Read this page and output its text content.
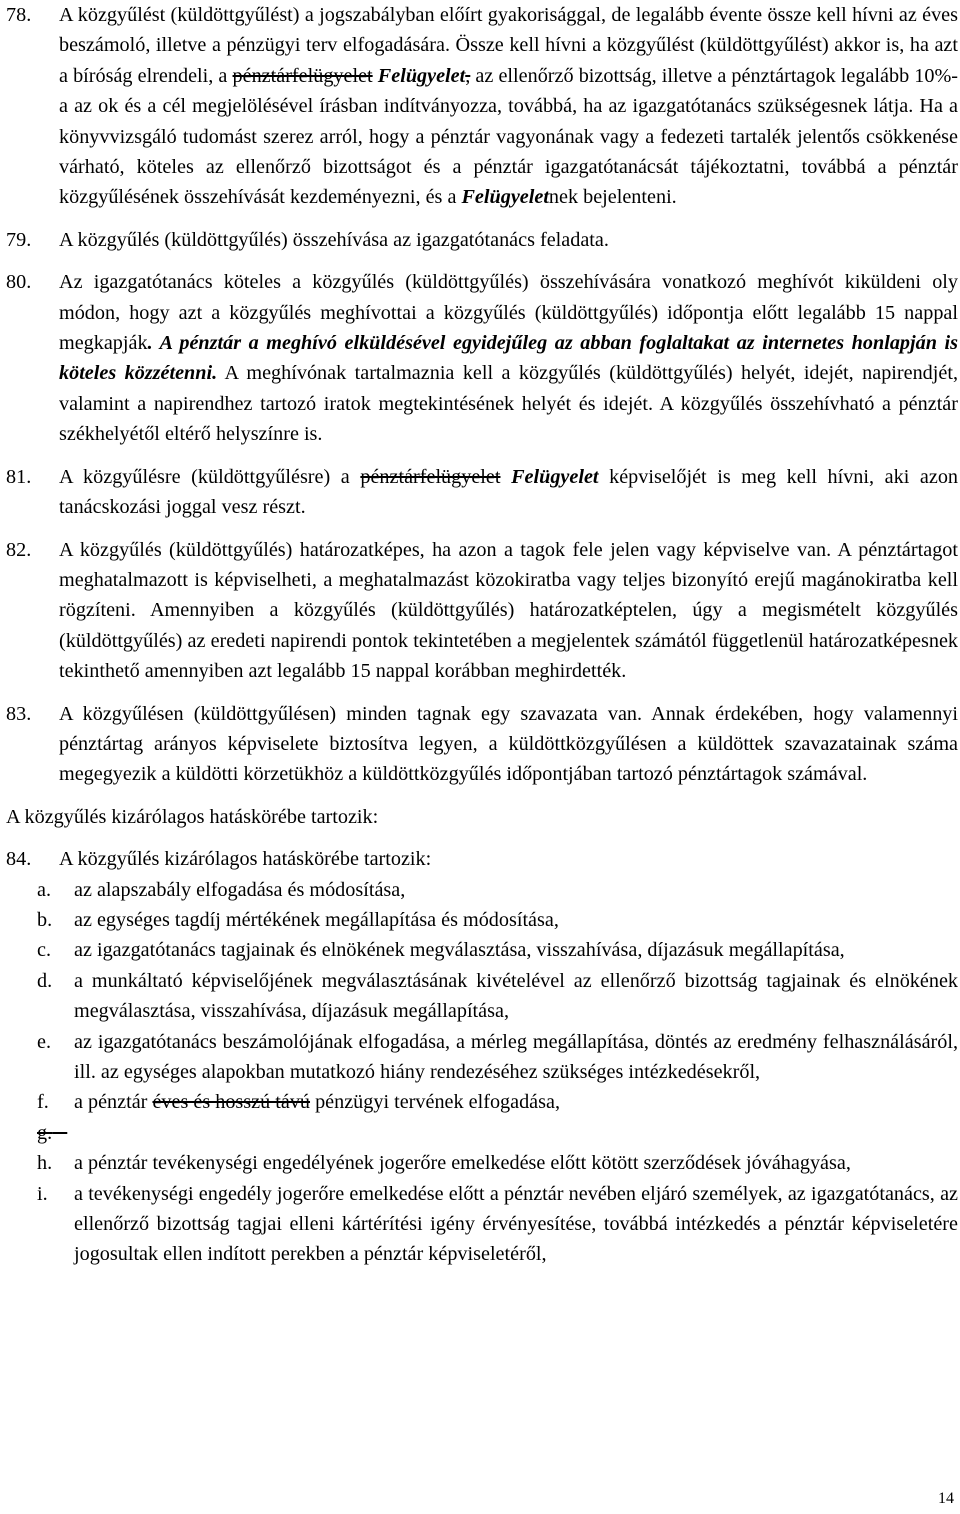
78. A közgyűlést (küldöttgyűlést) a jogszabályban előírt gyakorisággal, de legalább évente össze kell hívni az éves beszámoló, illetve a pénzügyi terv elfogadására. Össze kell hívni a közgyűlést (küldöttgyűlést) akkor is, ha azt a bíróság elrendeli, a pénztárfelügyelet Felügyelet, az ellenőrző bizottság, illetve a pénztártagok legalább 10%-a az ok és a cél megjelölésével írásban indítványozza, továbbá, ha az igazgatótanács szükségesnek látja. Ha a könyvvizsgáló tudomást szerez arról, hogy a pénztár vagyonának vagy a fedezeti tartalék jelentős csökkenése várható, köteles az ellenőrző bizottságot és a pénztár igazgatótanácsát tájékoztatni, továbbá a pénztár közgyűlésének összehívását kezdeményezni, és a Felügyeletnek bejelenteni.
79. A közgyűlés (küldöttgyűlés) összehívása az igazgatótanács feladata.
80. Az igazgatótanács köteles a közgyűlés (küldöttgyűlés) összehívására vonatkozó meghívót kiküldeni oly módon, hogy azt a közgyűlés meghívottai a közgyűlés (küldöttgyűlés) időpontja előtt legalább 15 nappal megkapják. A pénztár a meghívó elküldésével egyidejűleg az abban foglaltakat az internetes honlapján is köteles közzétenni. A meghívónak tartalmaznia kell a közgyűlés (küldöttgyűlés) helyét, idejét, napirendjét, valamint a napirendhez tartozó iratok megtekintésének helyét és idejét. A közgyűlés összehívható a pénztár székhelyétől eltérő helyszínre is.
81. A közgyűlésre (küldöttgyűlésre) a pénztárfelügyelet Felügyelet képviselőjét is meg kell hívni, aki azon tanácskozási joggal vesz részt.
82. A közgyűlés (küldöttgyűlés) határozatképes, ha azon a tagok fele jelen vagy képviselve van. A pénztártagot meghatalmazott is képviselheti, a meghatalmazást közokiratba vagy teljes bizonyító erejű magánokiratba kell rögzíteni. Amennyiben a közgyűlés (küldöttgyűlés) határozatképtelen, úgy a megismételt közgyűlés (küldöttgyűlés) az eredeti napirendi pontok tekintetében a megjelentek számától függetlenül határozatképesnek tekinthető amennyiben azt legalább 15 nappal korábban meghirdették.
83. A közgyűlésen (küldöttgyűlésen) minden tagnak egy szavazata van. Annak érdekében, hogy valamennyi pénztártag arányos képviselete biztosítva legyen, a küldöttközgyűlésen a küldöttek szavazatainak száma megegyezik a küldötti körzetükhöz a küldöttközgyűlés időpontjában tartozó pénztártagok számával.
A közgyűlés kizárólagos hatáskörébe tartozik:
84. A közgyűlés kizárólagos hatáskörébe tartozik:
a. az alapszabály elfogadása és módosítása,
b. az egységes tagdíj mértékének megállapítása és módosítása,
c. az igazgatótanács tagjainak és elnökének megválasztása, visszahívása, díjazásuk megállapítása,
d. a munkáltató képviselőjének megválasztásának kivételével az ellenőrző bizottság tagjainak és elnökének megválasztása, visszahívása, díjazásuk megállapítása,
e. az igazgatótanács beszámolójának elfogadása, a mérleg megállapítása, döntés az eredmény felhasználásáról, ill. az egységes alapokban mutatkozó hiány rendezéséhez szükséges intézkedésekről,
f. a pénztár éves és hosszú távú pénzügyi tervének elfogadása,
g.

h. a pénztár tevékenységi engedélyének jogerőre emelkedése előtt kötött szerződések jóváhagyása,
i. a tevékenységi engedély jogerőre emelkedése előtt a pénztár nevében eljáró személyek, az igazgatótanács, az ellenőrző bizottság tagjai elleni kártérítési igény érvényesítése, továbbá intézkedés a pénztár képviseletére jogosultak ellen indított perekben a pénztár képviseletéről,
14
